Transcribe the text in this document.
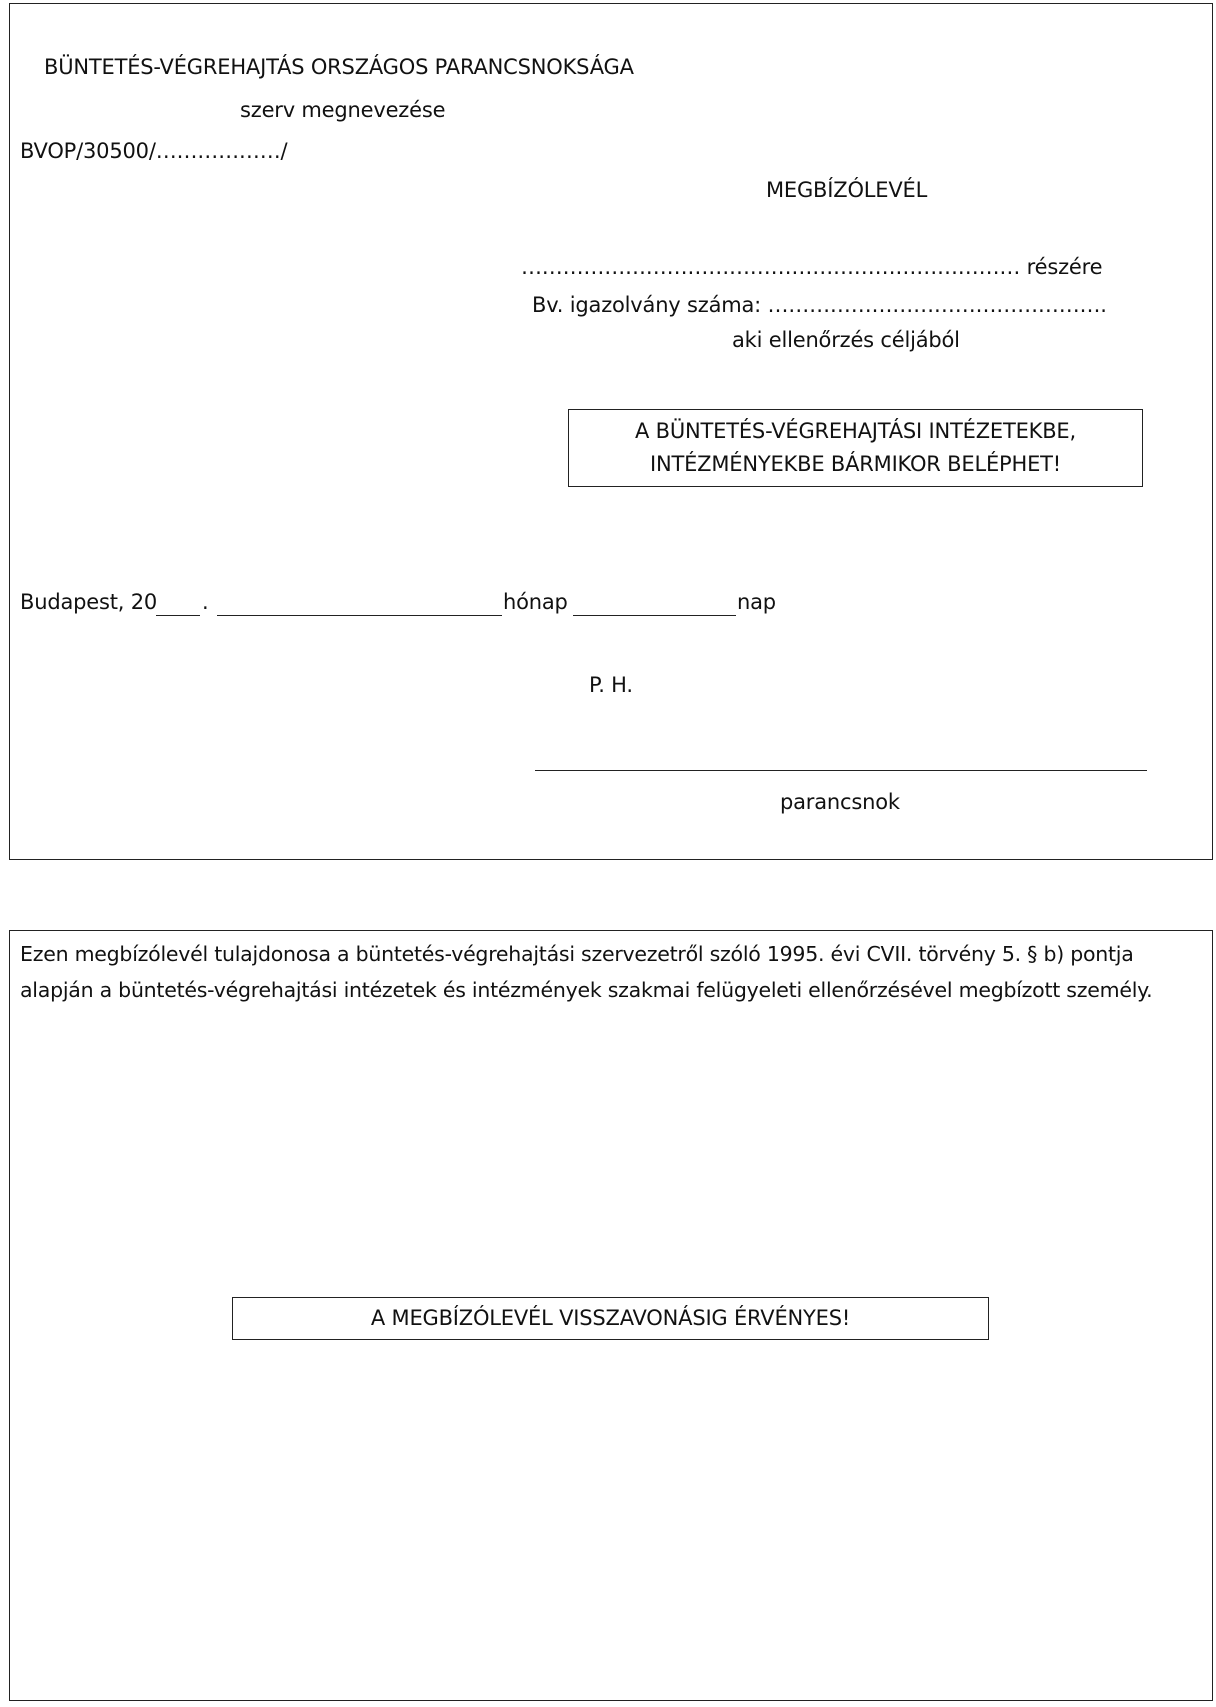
BÜNTETÉS-VÉGREHAJTÁS ORSZÁGOS PARANCSNOKSÁGA
szerv megnevezése
BVOP/30500/………………/
MEGBÍZÓLEVÉL
……………………………………………………………… részére
Bv. igazolvány száma: ………………………………………….
aki ellenőrzés céljából
A BÜNTETÉS-VÉGREHAJTÁSI INTÉZETEKBE,
INTÉZMÉNYEKBE BÁRMIKOR BELÉPHET!
Budapest, 20 .	hónap	nap
P. H.
parancsnok
Ezen megbízólevél tulajdonosa a büntetés-végrehajtási szervezetről szóló 1995. évi CVII. törvény 5. § b) pontja
alapján a büntetés-végrehajtási intézetek és intézmények szakmai felügyeleti ellenőrzésével megbízott személy.
A MEGBÍZÓLEVÉL VISSZAVONÁSIG ÉRVÉNYES!
